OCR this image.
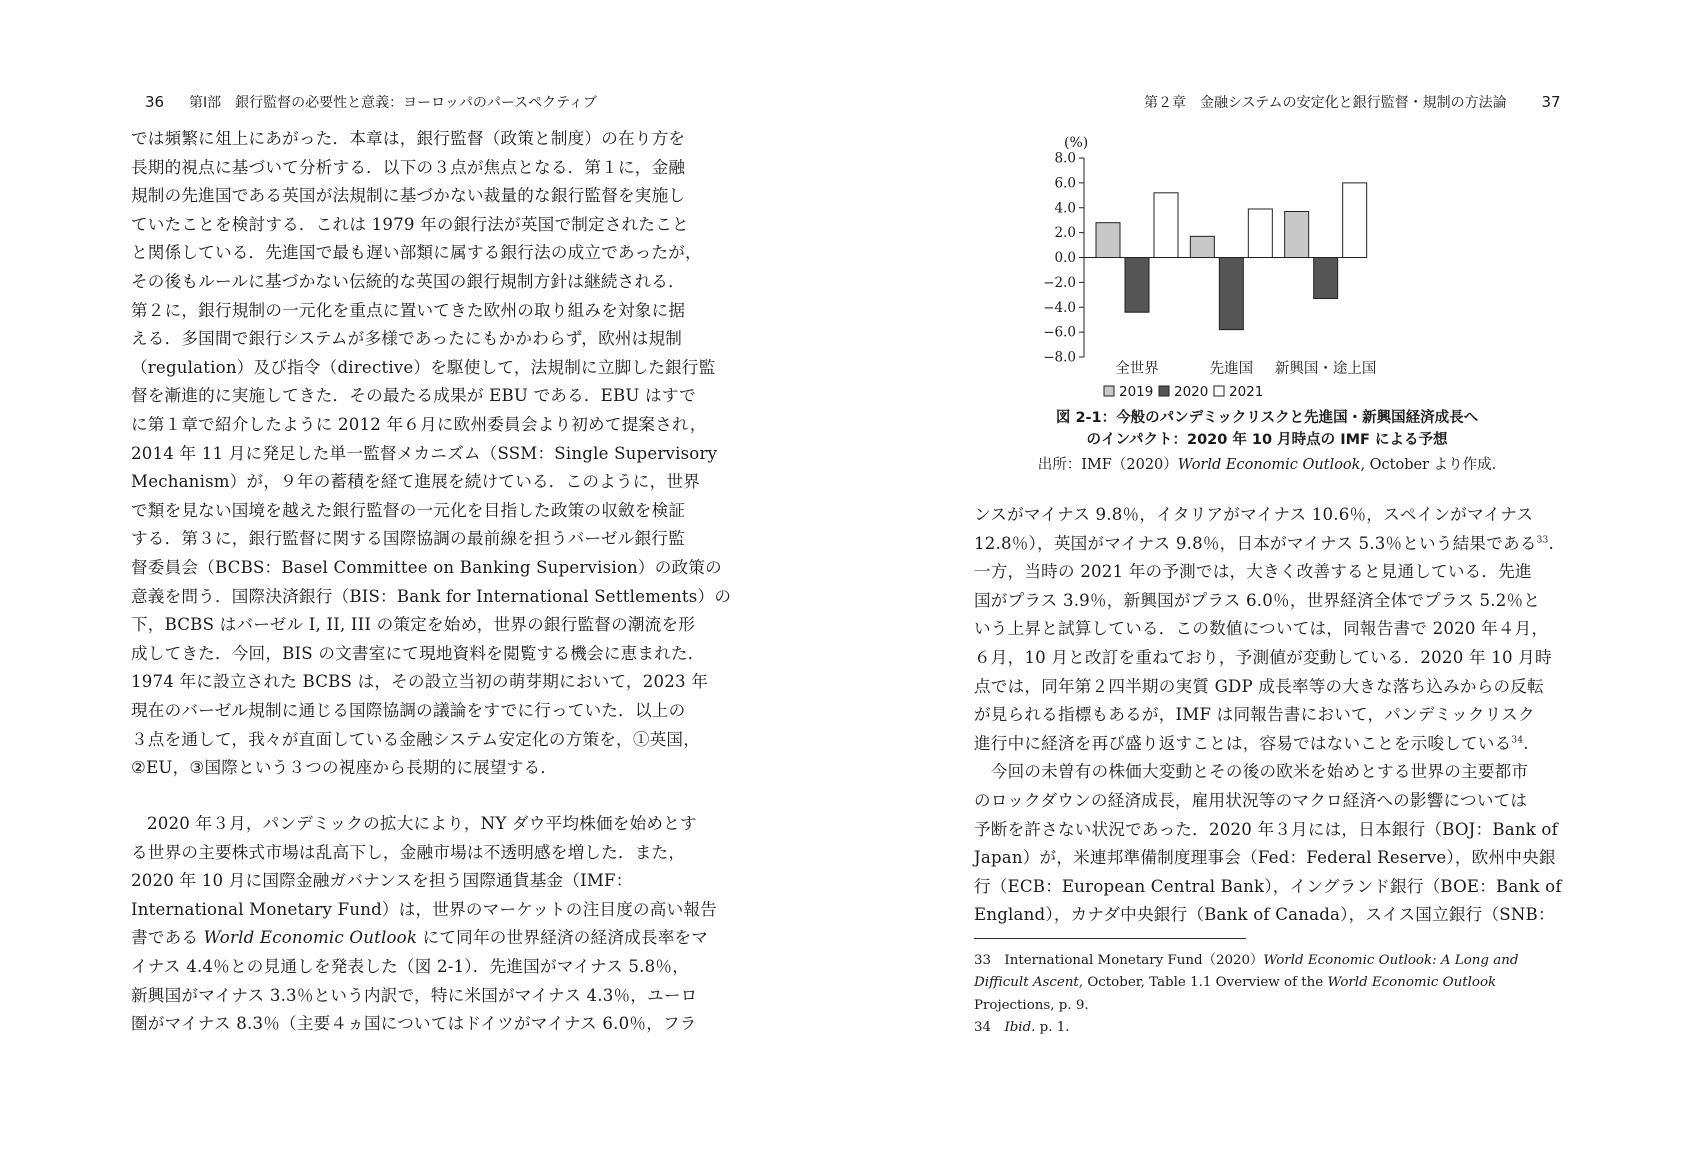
36 第Ⅰ部　銀行監督の必要性と意義：ヨーロッパのパースペクティブ
では頻繁に俎上にあがった．本章は，銀行監督（政策と制度）の在り方を
長期的視点に基づいて分析する．以下の３点が焦点となる．第１に，金融
規制の先進国である英国が法規制に基づかない裁量的な銀行監督を実施し
ていたことを検討する．これは 1979 年の銀行法が英国で制定されたこと
と関係している．先進国で最も遅い部類に属する銀行法の成立であったが，
その後もルールに基づかない伝統的な英国の銀行規制方針は継続される．
第２に，銀行規制の一元化を重点に置いてきた欧州の取り組みを対象に据
える．多国間で銀行システムが多様であったにもかかわらず，欧州は規制
（regulation）及び指令（directive）を駆使して，法規制に立脚した銀行監
督を漸進的に実施してきた．その最たる成果が EBU である．EBU はすで
に第１章で紹介したように 2012 年６月に欧州委員会より初めて提案され，
2014 年 11 月に発足した単一監督メカニズム（SSM：Single Supervisory
Mechanism）が，９年の蓄積を経て進展を続けている．このように，世界
で類を見ない国境を越えた銀行監督の一元化を目指した政策の収斂を検証
する．第３に，銀行監督に関する国際協調の最前線を担うバーゼル銀行監
督委員会（BCBS：Basel Committee on Banking Supervision）の政策の
意義を問う．国際決済銀行（BIS：Bank for International Settlements）の
下，BCBS はバーゼル I, II, III の策定を始め，世界の銀行監督の潮流を形
成してきた．今回，BIS の文書室にて現地資料を閲覧する機会に恵まれた．
1974 年に設立された BCBS は，その設立当初の萌芽期において，2023 年
現在のバーゼル規制に通じる国際協調の議論をすでに行っていた．以上の
３点を通して，我々が直面している金融システム安定化の方策を，①英国，
②EU，③国際という３つの視座から長期的に展望する．
2020 年３月，パンデミックの拡大により，NY ダウ平均株価を始めとす
る世界の主要株式市場は乱高下し，金融市場は不透明感を増した．また，
2020 年 10 月に国際金融ガバナンスを担う国際通貨基金（IMF：
International Monetary Fund）は，世界のマーケットの注目度の高い報告
書である World Economic Outlook にて同年の世界経済の経済成長率をマ
イナス 4.4％との見通しを発表した（図 2-1）．先進国がマイナス 5.8％，
新興国がマイナス 3.3％という内訳で，特に米国がマイナス 4.3％，ユーロ
圏がマイナス 8.3％（主要４ヵ国についてはドイツがマイナス 6.0％，フラ
第２章　金融システムの安定化と銀行監督・規制の方法論 37
(%)
8.0
6.0
4.0
2.0
0.0
−2.0
−4.0
−6.0
−8.0
全世界	先進国 新興国・途上国
2019 2020 2021
図 2-1：今般のパンデミックリスクと先進国・新興国経済成長へ
のインパクト：2020 年 10 月時点の IMF による予想
出所：IMF（2020）World Economic Outlook, October より作成.
ンスがマイナス 9.8％，イタリアがマイナス 10.6％，スペインがマイナス
12.8％），英国がマイナス 9.8％，日本がマイナス 5.3％という結果である$^{33}$.
一方，当時の 2021 年の予測では，大きく改善すると見通している．先進
国がプラス 3.9％，新興国がプラス 6.0％，世界経済全体でプラス 5.2％と
いう上昇と試算している．この数値については，同報告書で 2020 年４月，
６月，10 月と改訂を重ねており，予測値が変動している．2020 年 10 月時
点では，同年第２四半期の実質 GDP 成長率等の大きな落ち込みからの反転
が見られる指標もあるが，IMF は同報告書において，パンデミックリスク
進行中に経済を再び盛り返すことは，容易ではないことを示唆している$^{34}$.
　今回の未曽有の株価大変動とその後の欧米を始めとする世界の主要都市
のロックダウンの経済成長，雇用状況等のマクロ経済への影響については
予断を許さない状況であった．2020 年３月には，日本銀行（BOJ：Bank of
Japan）が，米連邦準備制度理事会（Fed：Federal Reserve），欧州中央銀
行（ECB：European Central Bank），イングランド銀行（BOE：Bank of
England），カナダ中央銀行（Bank of Canada），スイス国立銀行（SNB：
33　International Monetary Fund（2020）World Economic Outlook: A Long and
Difficult Ascent, October, Table 1.1 Overview of the World Economic Outlook
Projections, p. 9.
34　Ibid. p. 1.
